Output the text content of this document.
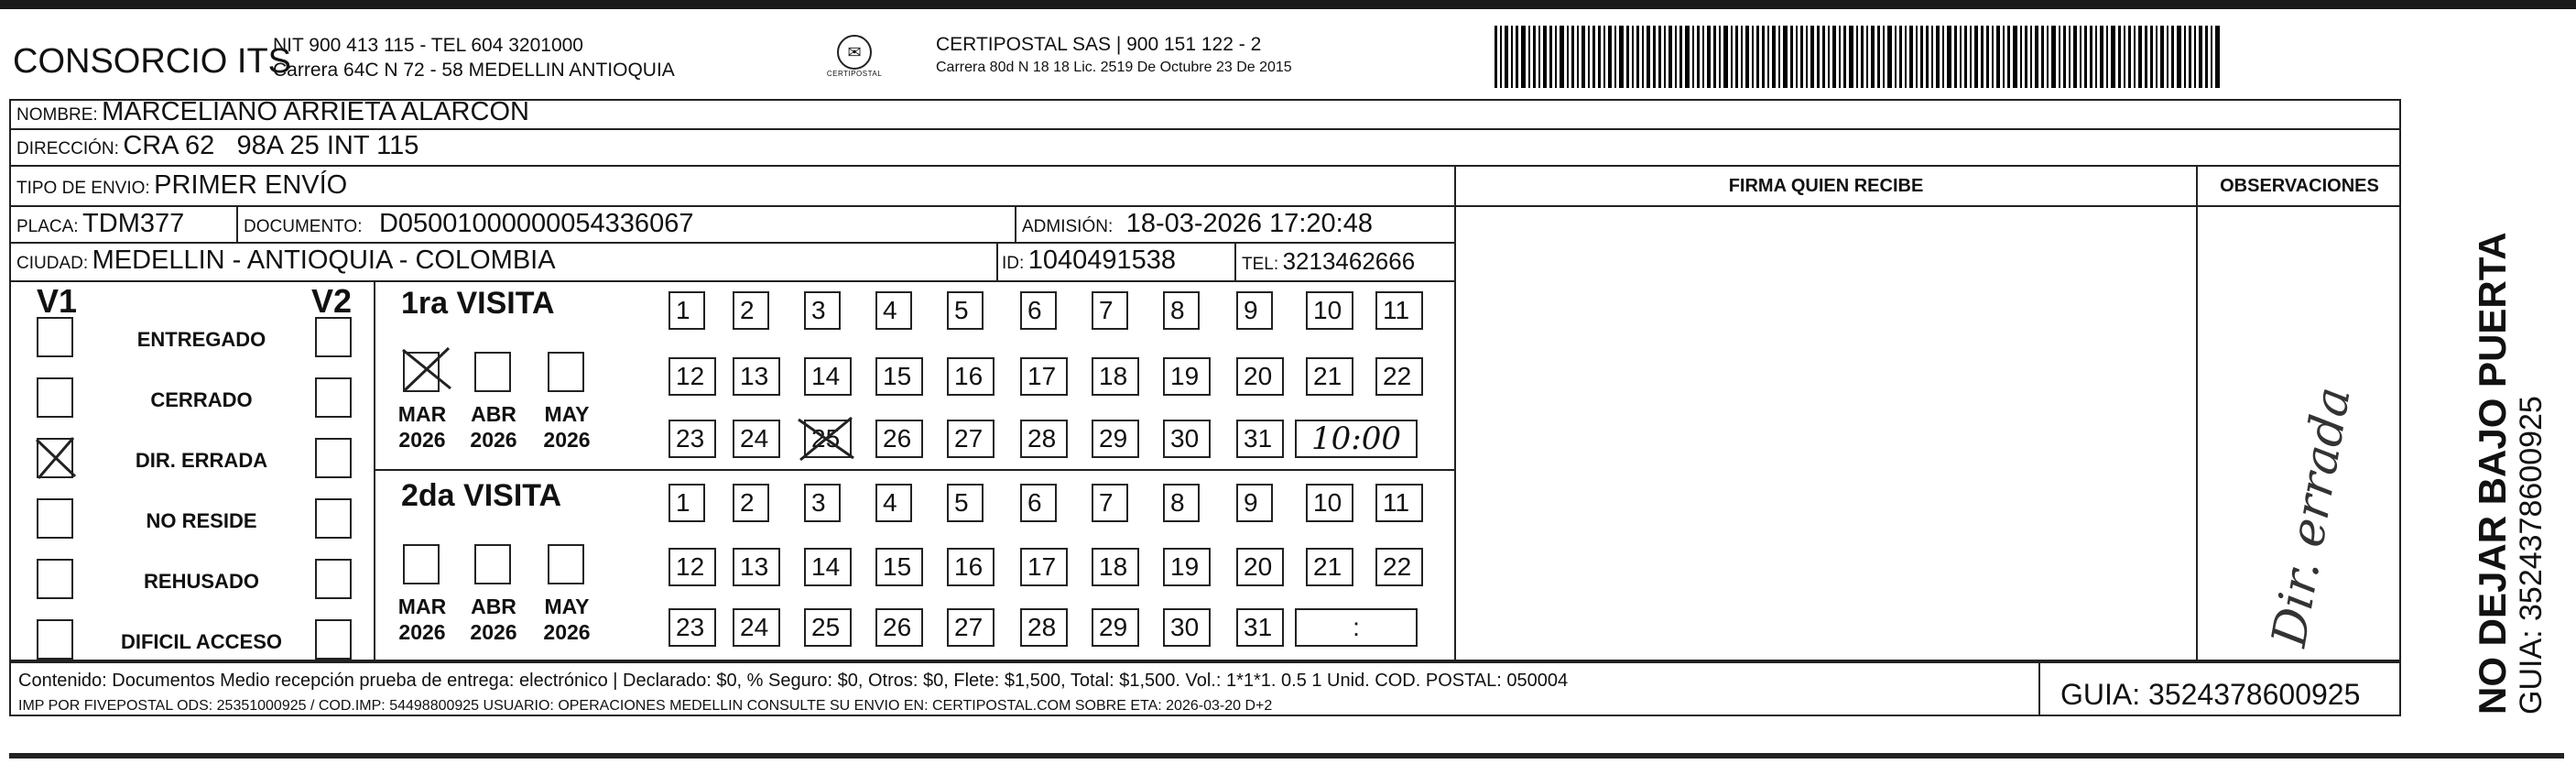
CONSORCIO ITS
NIT 900 413 115 - TEL 604 3201000
Carrera 64C N 72 - 58 MEDELLIN ANTIOQUIA
✉
CERTIPOSTAL
CERTIPOSTAL SAS | 900 151 122 - 2
Carrera 80d N 18 18 Lic. 2519 De Octubre 23 De 2015
NOMBRE: MARCELIANO ARRIETA ALARCON
DIRECCIÓN: CRA 62   98A 25 INT 115
TIPO DE ENVIO: PRIMER ENVÍO
PLACA: TDM377	DOCUMENTO: D05001000000054336067	ADMISIÓN: 18-03-2026 17:20:48
CIUDAD: MEDELLIN - ANTIOQUIA - COLOMBIA	ID: 1040491538	TEL: 3213462666
FIRMA QUIEN RECIBE	OBSERVACIONES
V1	V2
ENTREGADO
CERRADO
DIR. ERRADA
NO RESIDE
REHUSADO
DIFICIL ACCESO
1ra VISITA
2da VISITA
MAR
2026
ABR
2026
MAY
2026
MAR
2026
ABR
2026
MAY
2026
1	2	3	4	5	6	7	8	9	10	11
12	13	14	15	16	17	18	19	20	21	22
23	24	25	26	27	28	29	30	31	10:00
1	2	3	4	5	6	7	8	9	10	11
12	13	14	15	16	17	18	19	20	21	22
23	24	25	26	27	28	29	30	31	:	Dir. errada
Contenido: Documentos Medio recepción prueba de entrega: electrónico | Declarado: $0, % Seguro: $0, Otros: $0, Flete: $1,500, Total: $1,500. Vol.: 1*1*1. 0.5 1 Unid. COD. POSTAL: 050004
IMP POR FIVEPOSTAL ODS: 25351000925 / COD.IMP: 54498800925 USUARIO: OPERACIONES MEDELLIN CONSULTE SU ENVIO EN: CERTIPOSTAL.COM SOBRE ETA: 2026-03-20 D+2	GUIA: 3524378600925	NO DEJAR BAJO PUERTA GUIA: 3524378600925
